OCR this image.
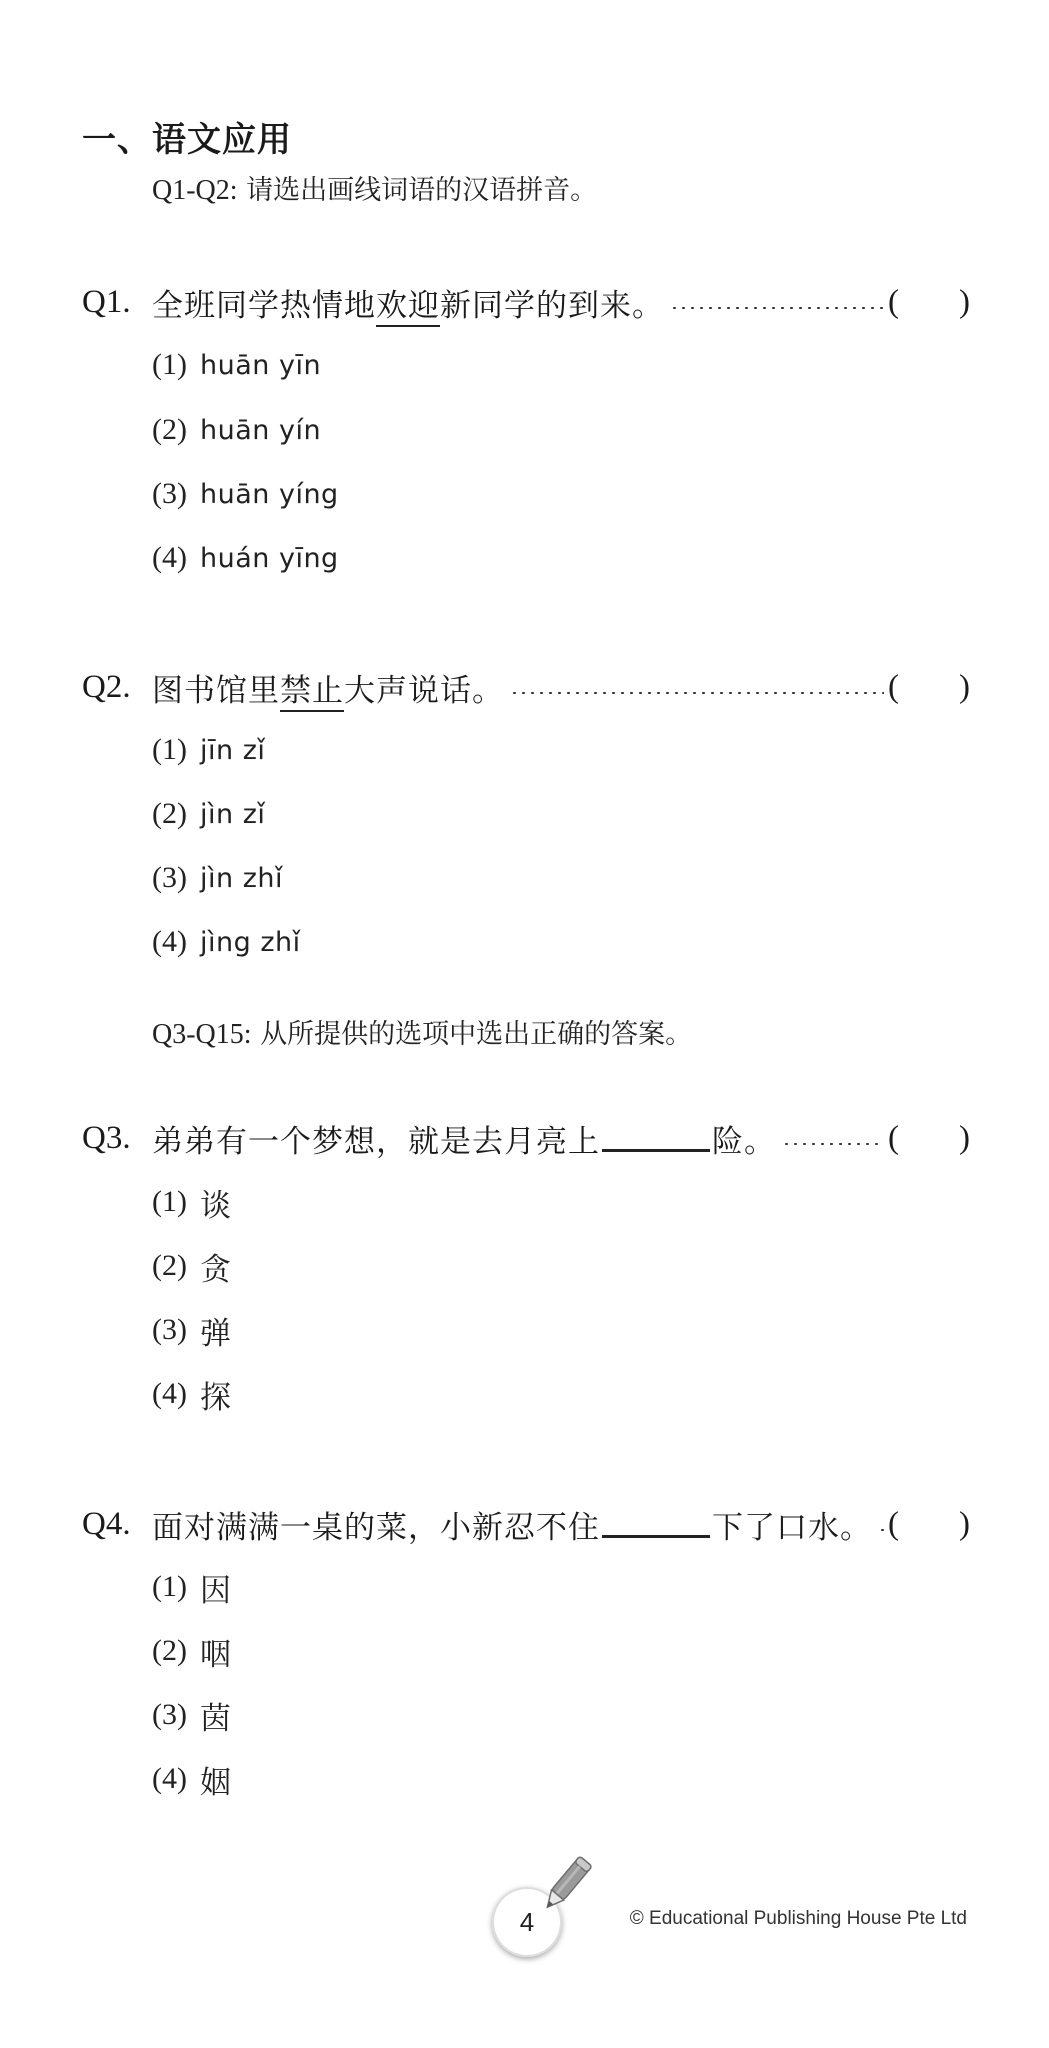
一、语文应用
Q1-Q2: 请选出画线词语的汉语拼音。
Q1. 全班同学热情地欢迎新同学的到来。	( )
(1) huān yīn
(2) huān yín
(3) huān yíng
(4) huán yīng
Q2. 图书馆里禁止大声说话。	( )
(1) jīn zǐ
(2) jìn zǐ
(3) jìn zhǐ
(4) jìng zhǐ
Q3-Q15: 从所提供的选项中选出正确的答案。
Q3. 弟弟有一个梦想，就是去月亮上	险。	( )
(1) 谈
(2) 贪
(3) 弹
(4) 探
Q4. 面对满满一桌的菜，小新忍不住	下了口水。 ( )
(1) 因
(2) 咽
(3) 茵
(4) 姻
4	© Educational Publishing House Pte Ltd
